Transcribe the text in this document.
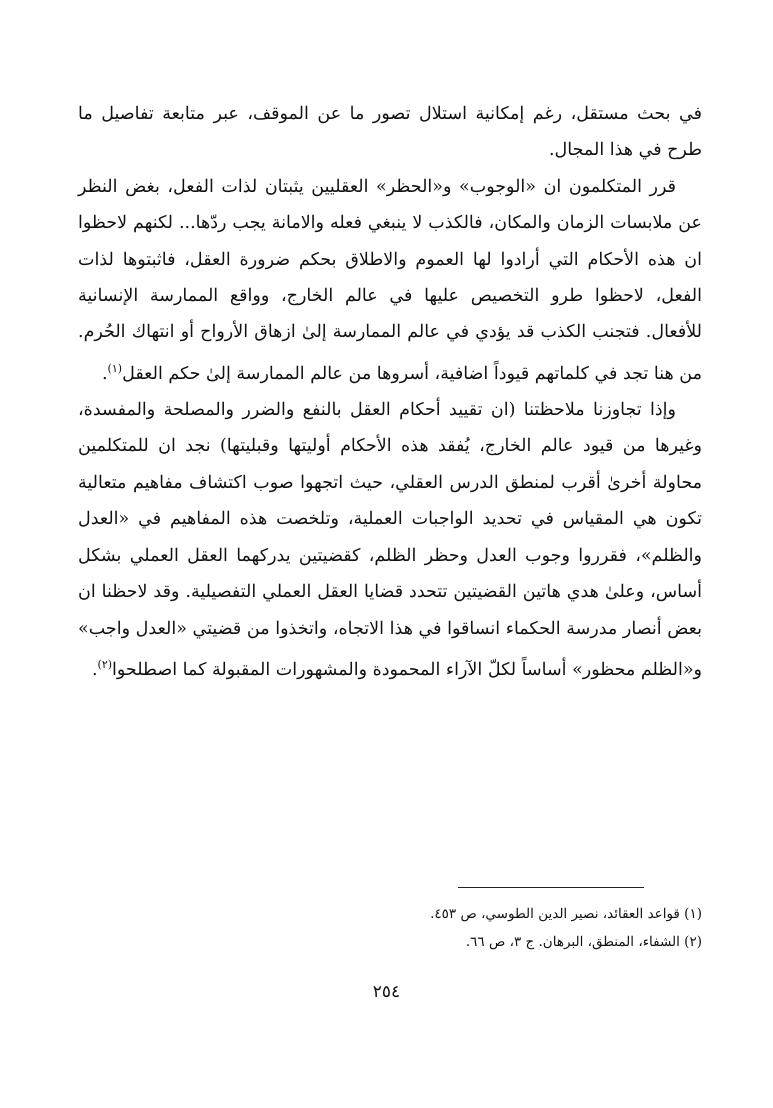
في بحث مستقل، رغم إمكانية استلال تصور ما عن الموقف، عبر متابعة تفاصيل ما طرح في هذا المجال.

قرر المتكلمون ان «الوجوب» و«الحظر» العقليين يثبتان لذات الفعل، بغض النظر عن ملابسات الزمان والمكان، فالكذب لا ينبغي فعله والامانة يجب ردّها... لكنهم لاحظوا ان هذه الأحكام التي أرادوا لها العموم والاطلاق بحكم ضرورة العقل، فاثبتوها لذات الفعل، لاحظوا طرو التخصيص عليها في عالم الخارج، وواقع الممارسة الإنسانية للأفعال. فتجنب الكذب قد يؤدي في عالم الممارسة إلىٰ ازهاق الأرواح أو انتهاك الحُرم. من هنا تجد في كلماتهم قيوداً اضافية، أسروها من عالم الممارسة إلىٰ حكم العقل$^{(١)}$.

وإذا تجاوزنا ملاحظتنا (ان تقييد أحكام العقل بالنفع والضرر والمصلحة والمفسدة، وغيرها من قيود عالم الخارج، يُفقد هذه الأحكام أوليتها وقبليتها) نجد ان للمتكلمين محاولة أخرىٰ أقرب لمنطق الدرس العقلي، حيث اتجهوا صوب اكتشاف مفاهيم متعالية تكون هي المقياس في تحديد الواجبات العملية، وتلخصت هذه المفاهيم في «العدل والظلم»، فقرروا وجوب العدل وحظر الظلم، كقضيتين يدركهما العقل العملي بشكل أساس، وعلىٰ هدي هاتين القضيتين تتحدد قضايا العقل العملي التفصيلية. وقد لاحظنا ان بعض أنصار مدرسة الحكماء انساقوا في هذا الاتجاه، واتخذوا من قضيتي «العدل واجب» و«الظلم محظور» أساساً لكلّ الآراء المحمودة والمشهورات المقبولة كما اصطلحوا$^{(٢)}$.

(١) قواعد العقائد، نصير الدين الطوسي، ص ٤٥٣.
(٢) الشفاء، المنطق، البرهان. ج ٣، ص ٦٦.
٢٥٤
